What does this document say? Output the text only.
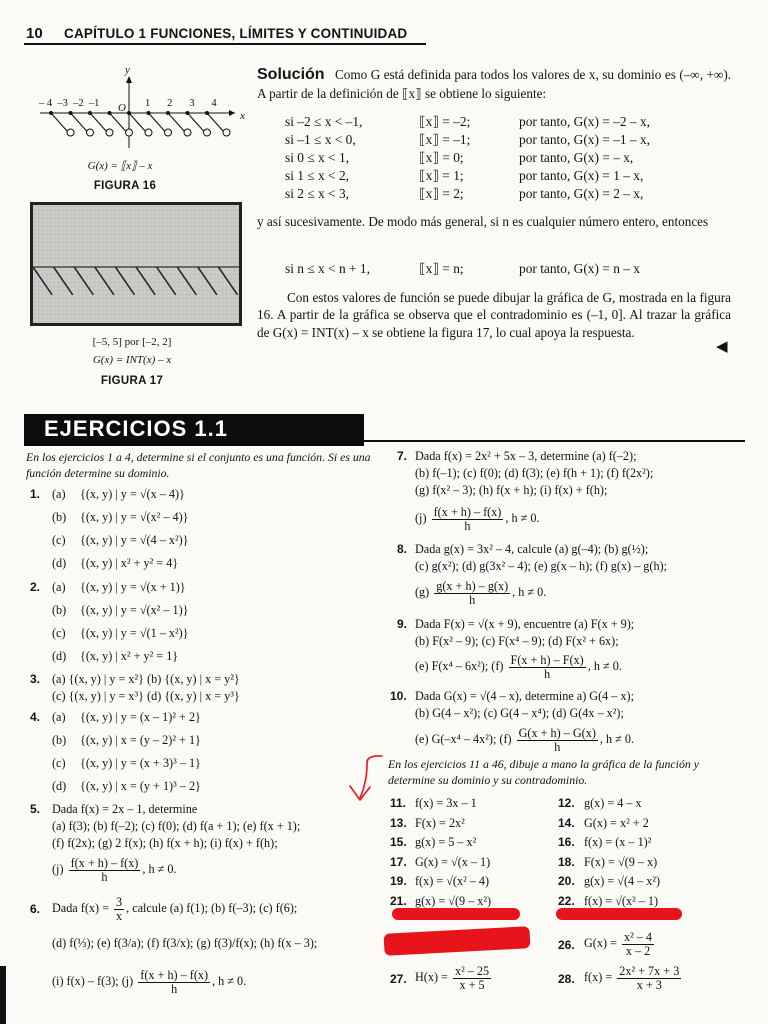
10 CAPÍTULO 1 FUNCIONES, LÍMITES Y CONTINUIDAD
y
x
– 4  –3  –2  –1 O 1   2   3   4
G(x) = ⟦x⟧ – x
FIGURA 16
[–5, 5] por [–2, 2]
G(x) = INT(x) – x
FIGURA 17
Solución Como G está definida para todos los valores de x, su dominio es (–∞, +∞). A partir de la definición de ⟦x⟧ se obtiene lo siguiente:
si –2 ≤ x < –1,	⟦x⟧ = –2;	por tanto, G(x) = –2 – x,
si –1 ≤ x < 0,	⟦x⟧ = –1;	por tanto, G(x) = –1 – x,
si 0 ≤ x < 1,	⟦x⟧ = 0;	por tanto, G(x) = – x,
si 1 ≤ x < 2,	⟦x⟧ = 1;	por tanto, G(x) = 1 – x,
si 2 ≤ x < 3,	⟦x⟧ = 2;	por tanto, G(x) = 2 – x,
y así sucesivamente. De modo más general, si n es cualquier número entero, entonces
si n ≤ x < n + 1,	⟦x⟧ = n;	por tanto, G(x) = n – x
Con estos valores de función se puede dibujar la gráfica de G, mostrada en la figura 16. A partir de la gráfica se observa que el contradominio es (–1, 0]. Al trazar la gráfica de G(x) = INT(x) – x se obtiene la figura 17, lo cual apoya la respuesta.
◀
EJERCICIOS 1.1
En los ejercicios 1 a 4, determine si el conjunto es una función. Si es una función determine su dominio.
1. (a) {(x, y) | y = √(x – 4)}
(b) {(x, y) | y = √(x² – 4)}
(c) {(x, y) | y = √(4 – x²)}
(d) {(x, y) | x² + y² = 4}
2. (a) {(x, y) | y = √(x + 1)}
(b) {(x, y) | y = √(x² – 1)}
(c) {(x, y) | y = √(1 – x²)}
(d) {(x, y) | x² + y² = 1}
4. (a) {(x, y) | y = (x – 1)² + 2}
(b) {(x, y) | x = (y – 2)² + 1}
(c) {(x, y) | y = (x + 3)³ – 1}
(d) {(x, y) | x = (y + 1)³ – 2}
3. (a) {(x, y) | y = x²} (b) {(x, y) | x = y²}
(c) {(x, y) | y = x³} (d) {(x, y) | x = y³}
5. Dada f(x) = 2x – 1, determine
(a) f(3); (b) f(–2); (c) f(0); (d) f(a + 1); (e) f(x + 1);
(f) f(2x); (g) 2 f(x); (h) f(x + h); (i) f(x) + f(h);
$(j) \frac{f(x + h) - f(x)}{h}$ , h ≠ 0.
6. Dada $f(x) = \frac{3}{x}$ , calcule (a) f(1); (b) f(–3); (c) f(6);
(d) f(⅓); (e) f(3/a); (f) f(3/x); (g) f(3)/f(x); (h) f(x – 3);
(i) f(x) – f(3); $(j) \frac{f(x + h) - f(x)}{h}$ , h ≠ 0.
7. Dada f(x) = 2x² + 5x – 3, determine (a) f(–2);
(b) f(–1); (c) f(0); (d) f(3); (e) f(h + 1); (f) f(2x²);
(g) f(x² – 3); (h) f(x + h); (i) f(x) + f(h);
$(j) \frac{f(x + h) - f(x)}{h}$ , h ≠ 0.
8. Dada g(x) = 3x² – 4, calcule (a) g(–4); (b) g(½);
(c) g(x²); (d) g(3x² – 4); (e) g(x – h); (f) g(x) – g(h);
$(g) \frac{g(x + h) - g(x)}{h}$ , h ≠ 0.
9. Dada F(x) = √(x + 9), encuentre (a) F(x + 9);
(b) F(x² – 9); (c) F(x⁴ – 9); (d) F(x² + 6x);
(e) F(x⁴ – 6x²); $(f) \frac{F(x + h) - F(x)}{h}$ , h ≠ 0.
10. Dada G(x) = √(4 – x), determine a) G(4 – x);
(b) G(4 – x²); (c) G(4 – x⁴); (d) G(4x – x²);
(e) G(–x⁴ – 4x²); $(f) \frac{G(x + h) - G(x)}{h}$ , h ≠ 0.
En los ejercicios 11 a 46, dibuje a mano la gráfica de la función y determine su dominio y su contradominio.
11. f(x) = 3x – 1	12. g(x) = 4 – x
13. F(x) = 2x²	14. G(x) = x² + 2
15. g(x) = 5 – x²	16. f(x) = (x – 1)²
17. G(x) = √(x – 1)	18. F(x) = √(9 – x)
19. f(x) = √(x² – 4)	20. g(x) = √(4 – x²)
21. g(x) = √(9 – x²)	22. f(x) = √(x² – 1)
26. $G(x) = \frac{\text{x² – 4}}{x - 2}$
27. $H(x) = \frac{\text{x² – 25}}{x + 5}$	28. $f(x) = \frac{\text{2x² + 7x + 3}}{x + 3}$
